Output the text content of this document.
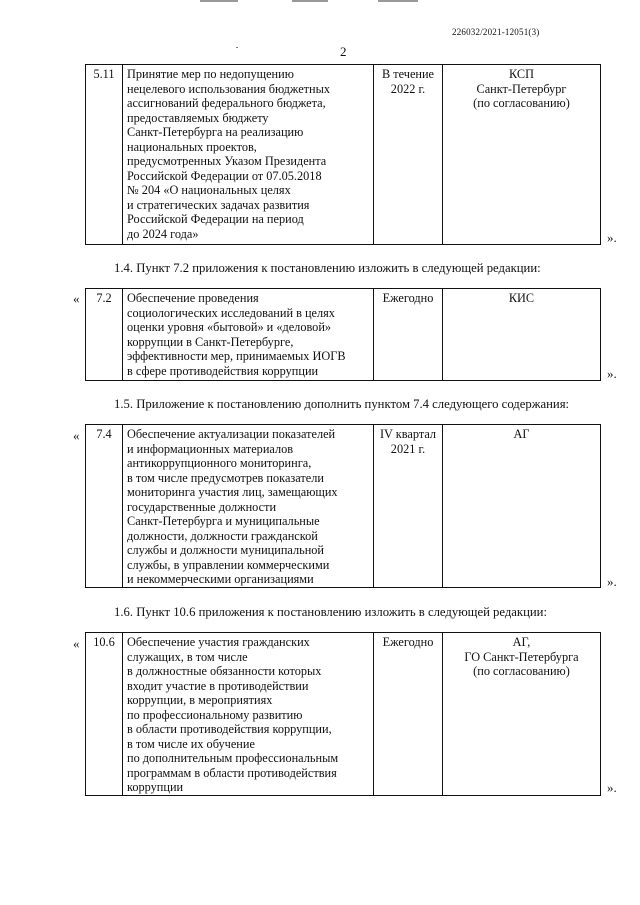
226032/2021-12051(3)
2
5.11	Принятие мер по недопущению
нецелевого использования бюджетных
ассигнований федерального бюджета,
предоставляемых бюджету
Санкт-Петербурга на реализацию
национальных проектов,
предусмотренных Указом Президента
Российской Федерации от 07.05.2018
№ 204 «О национальных целях
и стратегических задачах развития
Российской Федерации на период
до 2024 года»	В течение
2022 г.	КСП
Санкт-Петербург
(по согласованию)
».
1.4. Пункт 7.2 приложения к постановлению изложить в следующей редакции:
« 7.2	Обеспечение проведения
социологических исследований в целях
оценки уровня «бытовой» и «деловой»
коррупции в Санкт-Петербурге,
эффективности мер, принимаемых ИОГВ
в сфере противодействия коррупции	Ежегодно	КИС
».
1.5. Приложение к постановлению дополнить пунктом 7.4 следующего содержания:
« 7.4	Обеспечение актуализации показателей
и информационных материалов
антикоррупционного мониторинга,
в том числе предусмотрев показатели
мониторинга участия лиц, замещающих
государственные должности
Санкт-Петербурга и муниципальные
должности, должности гражданской
службы и должности муниципальной
службы, в управлении коммерческими
и некоммерческими организациями	IV квартал
2021 г.	АГ
».
1.6. Пункт 10.6 приложения к постановлению изложить в следующей редакции:
« 10.6	Обеспечение участия гражданских
служащих, в том числе
в должностные обязанности которых
входит участие в противодействии
коррупции, в мероприятиях
по профессиональному развитию
в области противодействия коррупции,
в том числе их обучение
по дополнительным профессиональным
программам в области противодействия
коррупции	Ежегодно	АГ,
ГО Санкт-Петербурга
(по согласованию)
».
